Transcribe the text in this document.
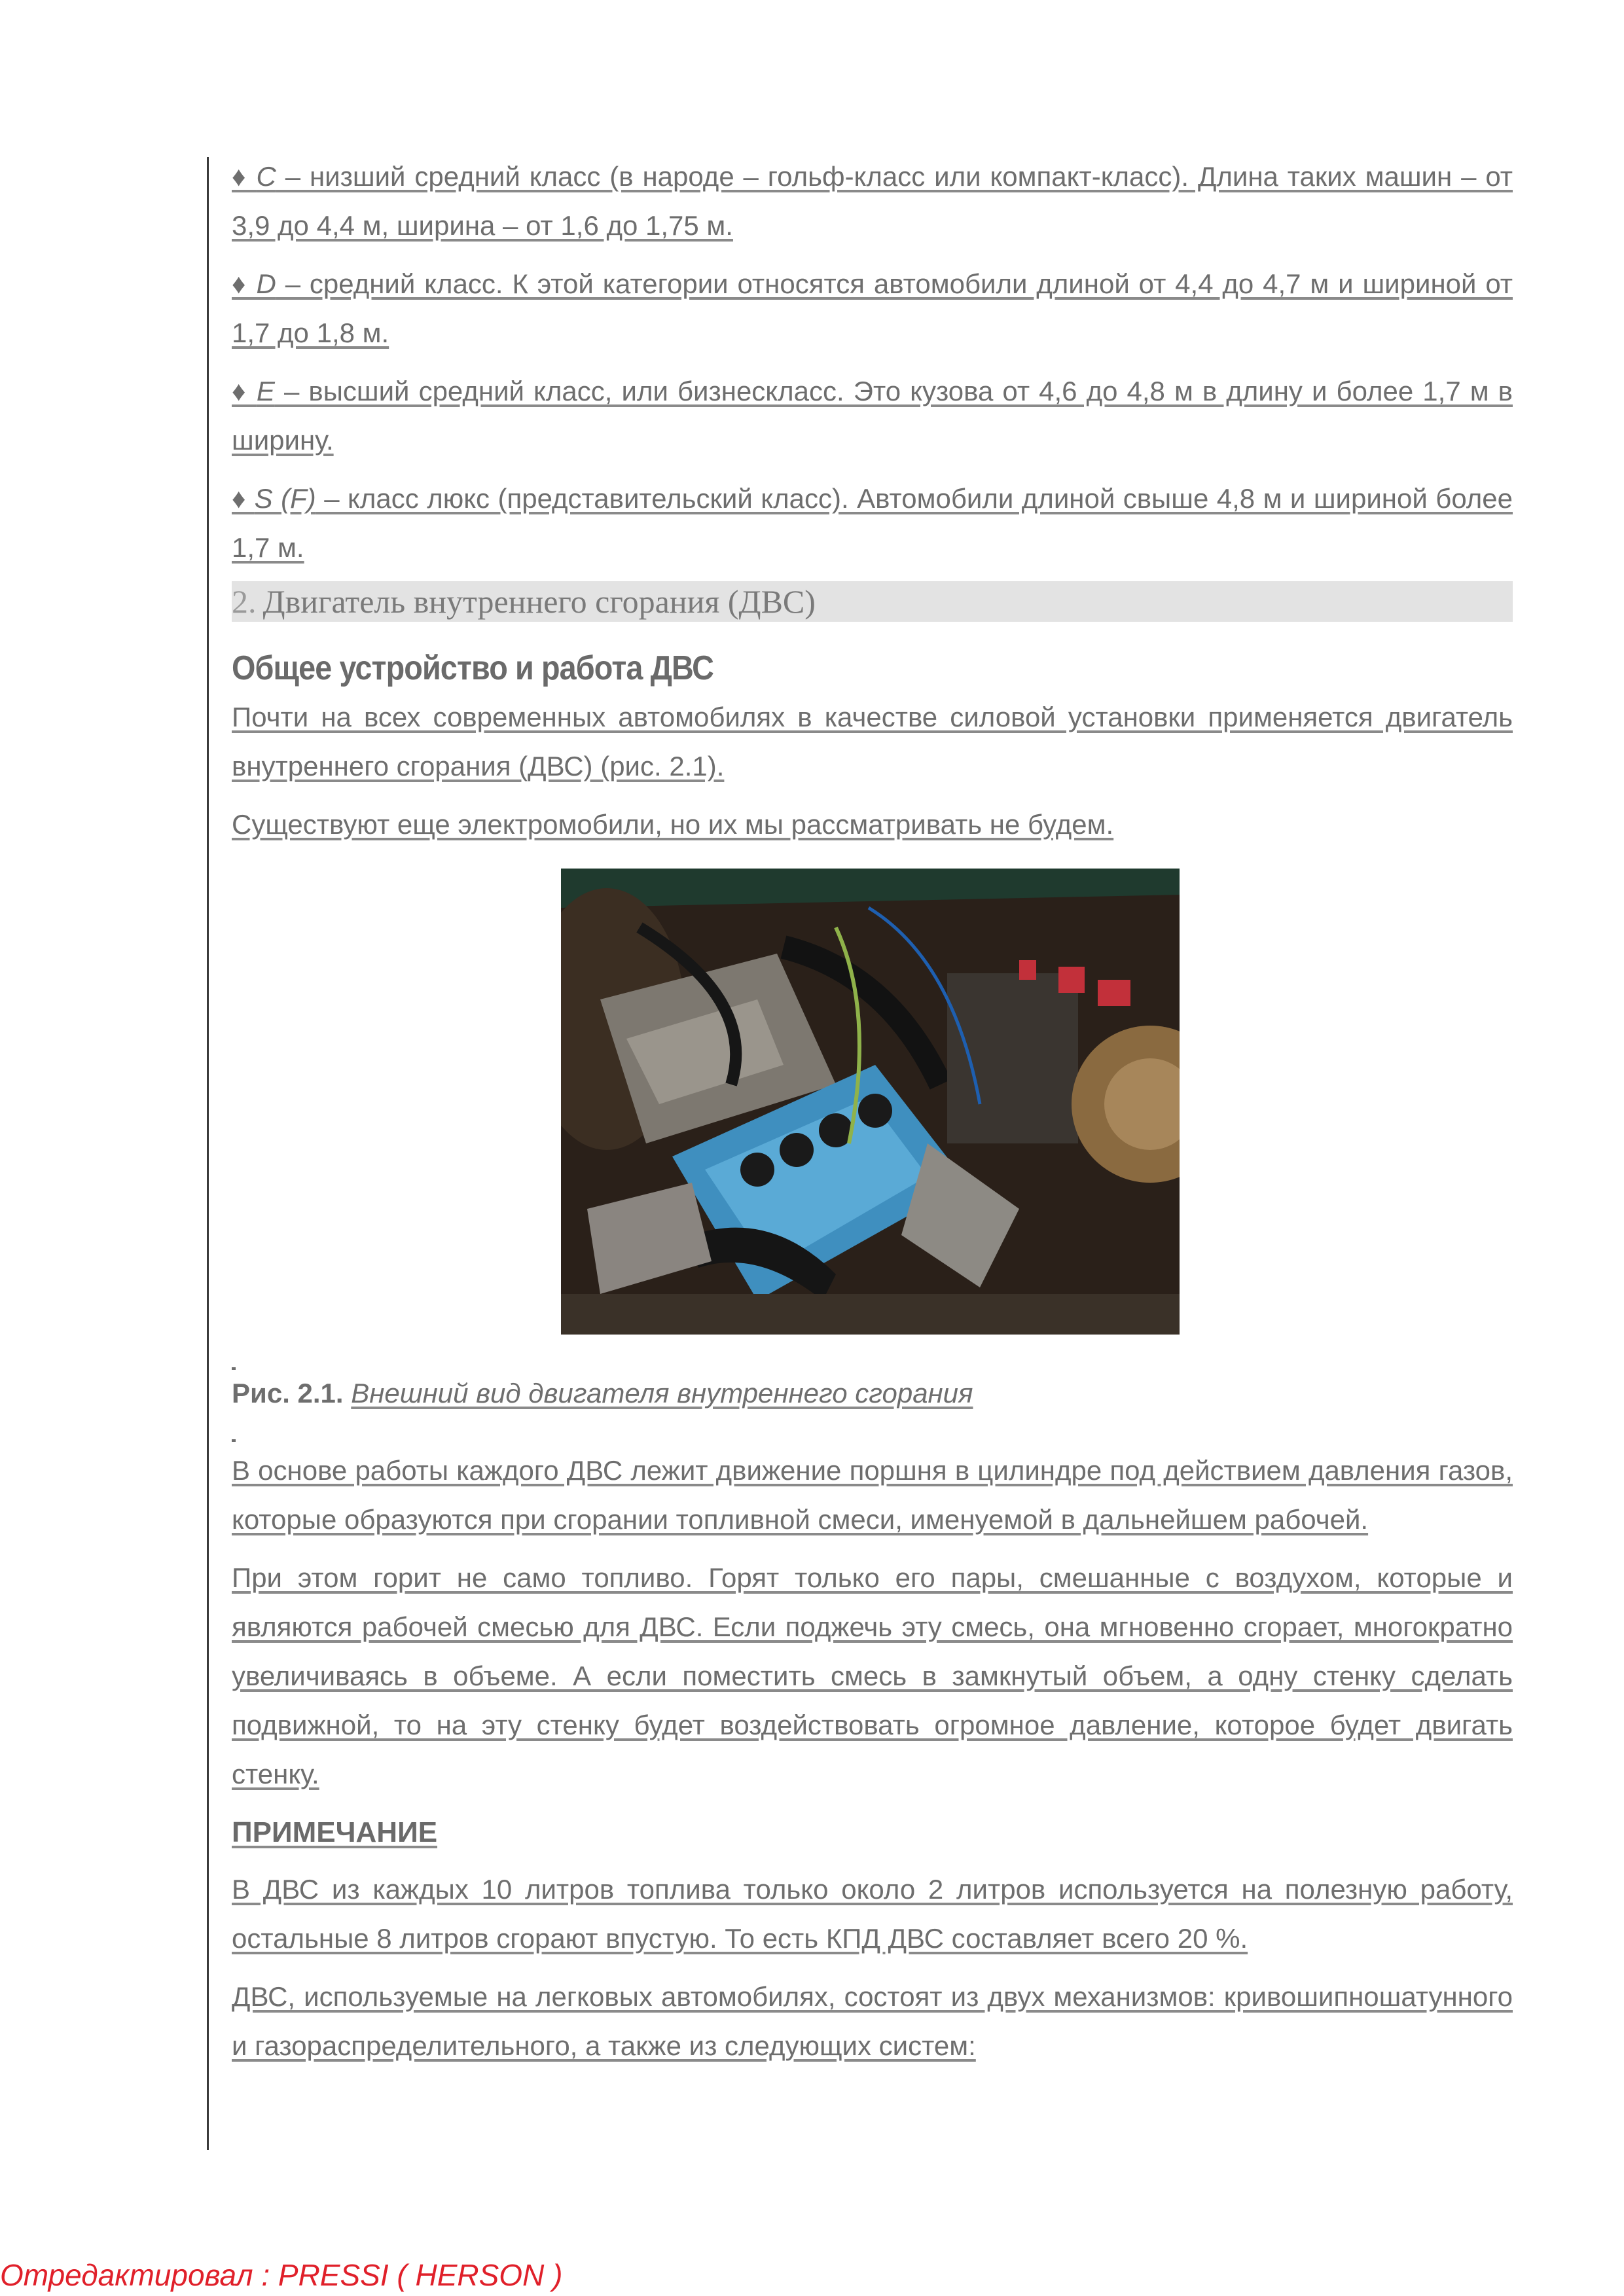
♦ C – низший средний класс (в народе – гольф-класс или компакт-класс). Длина таких машин – от 3,9 до 4,4 м, ширина – от 1,6 до 1,75 м.

♦ D – средний класс. К этой категории относятся автомобили длиной от 4,4 до 4,7 м и шириной от 1,7 до 1,8 м.

♦ E – высший средний класс, или бизнескласс. Это кузова от 4,6 до 4,8 м в длину и более 1,7 м в ширину.

♦ S (F) – класс люкс (представительский класс). Автомобили длиной свыше 4,8 м и шириной более 1,7 м.

2. Двигатель внутреннего сгорания (ДВС)
Общее устройство и работа ДВС

Почти на всех современных автомобилях в качестве силовой установки применяется двигатель внутреннего сгорания (ДВС) (рис. 2.1).

Существуют еще электромобили, но их мы рассматривать не будем.

Рис. 2.1. Внешний вид двигателя внутреннего сгорания

В основе работы каждого ДВС лежит движение поршня в цилиндре под действием давления газов, которые образуются при сгорании топливной смеси, именуемой в дальнейшем рабочей.

При этом горит не само топливо. Горят только его пары, смешанные с воздухом, которые и являются рабочей смесью для ДВС. Если поджечь эту смесь, она мгновенно сгорает, многократно увеличиваясь в объеме. А если поместить смесь в замкнутый объем, а одну стенку сделать подвижной, то на эту стенку будет воздействовать огромное давление, которое будет двигать стенку.

ПРИМЕЧАНИЕ

В ДВС из каждых 10 литров топлива только около 2 литров используется на полезную работу, остальные 8 литров сгорают впустую. То есть КПД ДВС составляет всего 20 %.

ДВС, используемые на легковых автомобилях, состоят из двух механизмов: кривошипношатунного и газораспределительного, а также из следующих систем:

Отредактировал : PRESSI ( HERSON )
